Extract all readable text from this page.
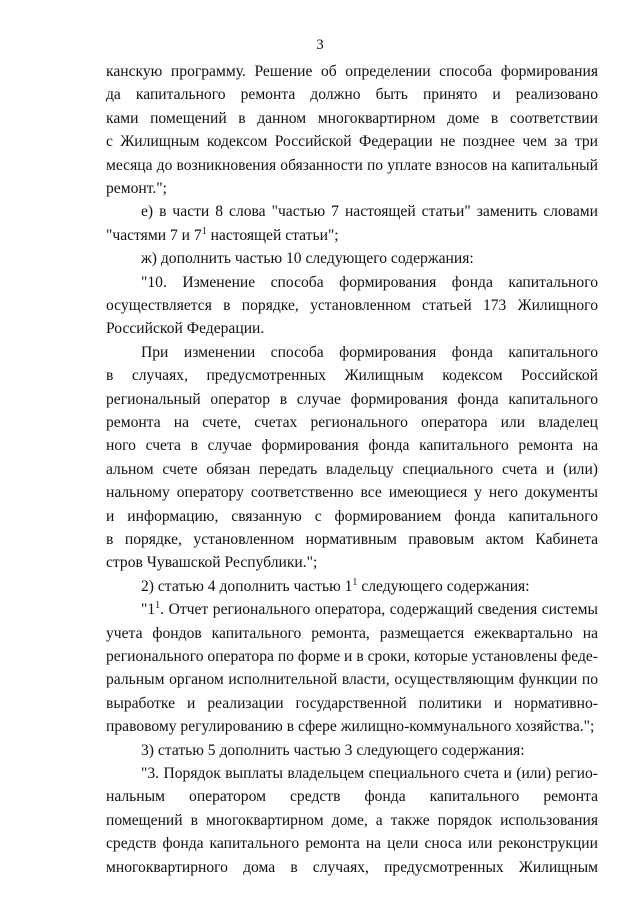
3
канскую программу. Решение об определении способа формирования
да капитального ремонта должно быть принято и реализовано
ками помещений в данном многоквартирном доме в соответствии
с Жилищным кодексом Российской Федерации не позднее чем за три
месяца до возникновения обязанности по уплате взносов на капитальный
ремонт.";
е) в части 8 слова "частью 7 настоящей статьи" заменить словами
"частями 7 и $7^1$ настоящей статьи";
ж) дополнить частью 10 следующего содержания:
"10. Изменение способа формирования фонда капитального
осуществляется в порядке, установленном статьей 173 Жилищного
Российской Федерации.
При изменении способа формирования фонда капитального
в случаях, предусмотренных Жилищным кодексом Российской
региональный оператор в случае формирования фонда капитального
ремонта на счете, счетах регионального оператора или владелец
ного счета в случае формирования фонда капитального ремонта на
альном счете обязан передать владельцу специального счета и (или)
нальному оператору соответственно все имеющиеся у него документы
и информацию, связанную с формированием фонда капитального
в порядке, установленном нормативным правовым актом Кабинета
стров Чувашской Республики.";
2) статью 4 дополнить частью $1^1$ следующего содержания:
"$1^1$. Отчет регионального оператора, содержащий сведения системы
учета фондов капитального ремонта, размещается ежеквартально на
регионального оператора по форме и в сроки, которые установлены феде-
ральным органом исполнительной власти, осуществляющим функции по
выработке и реализации государственной политики и нормативно-
правовому регулированию в сфере жилищно-коммунального хозяйства.";
3) статью 5 дополнить частью 3 следующего содержания:
"3. Порядок выплаты владельцем специального счета и (или) регио-
нальным оператором средств фонда капитального ремонта
помещений в многоквартирном доме, а также порядок использования
средств фонда капитального ремонта на цели сноса или реконструкции
многоквартирного дома в случаях, предусмотренных Жилищным
